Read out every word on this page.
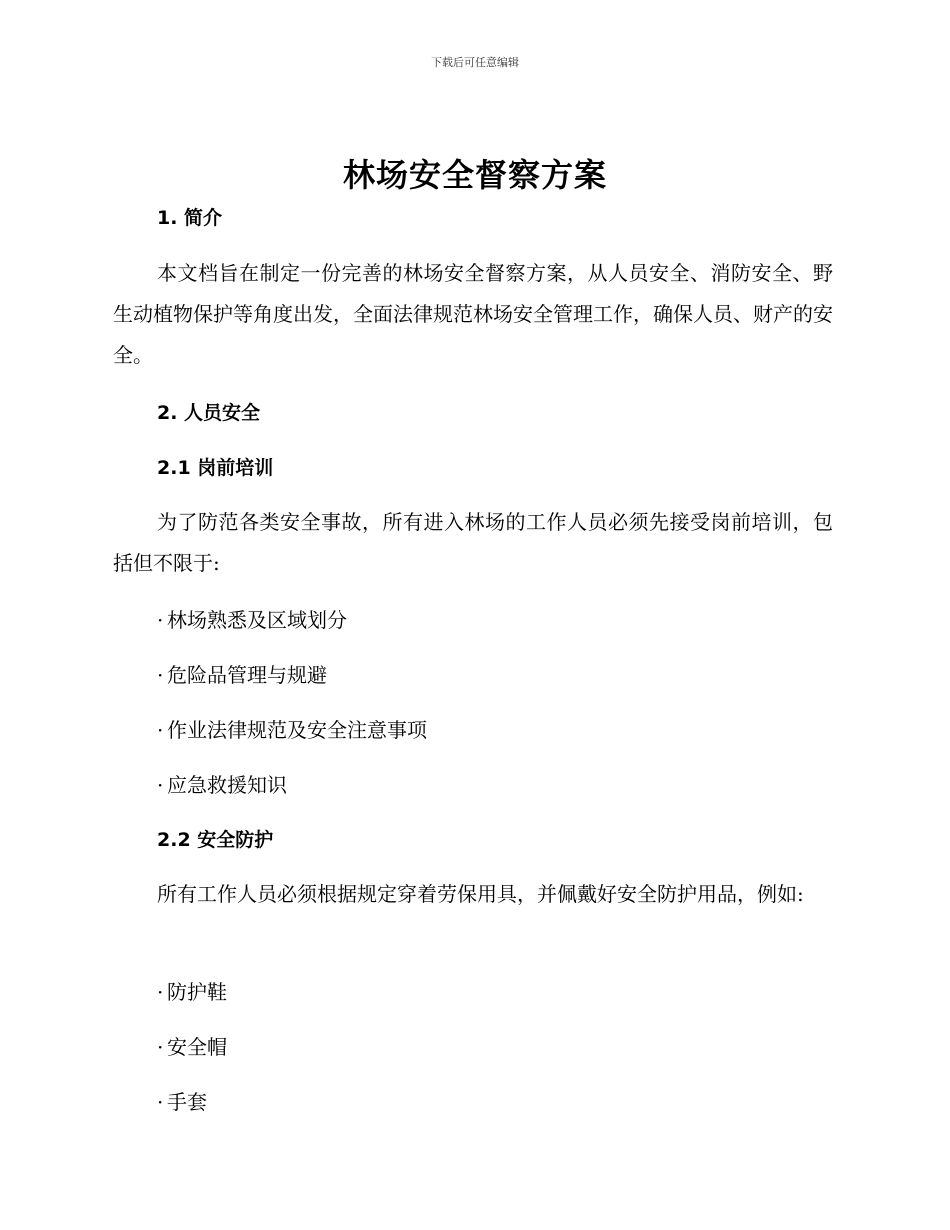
下载后可任意编辑
林场安全督察方案
1. 简介
本文档旨在制定一份完善的林场安全督察方案，从人员安全、消防安全、野生动植物保护等角度出发，全面法律规范林场安全管理工作，确保人员、财产的安全。
2. 人员安全
2.1 岗前培训
为了防范各类安全事故，所有进入林场的工作人员必须先接受岗前培训，包括但不限于:
· 林场熟悉及区域划分
· 危险品管理与规避
· 作业法律规范及安全注意事项
· 应急救援知识
2.2 安全防护
所有工作人员必须根据规定穿着劳保用具，并佩戴好安全防护用品，例如:
· 防护鞋
· 安全帽
· 手套
